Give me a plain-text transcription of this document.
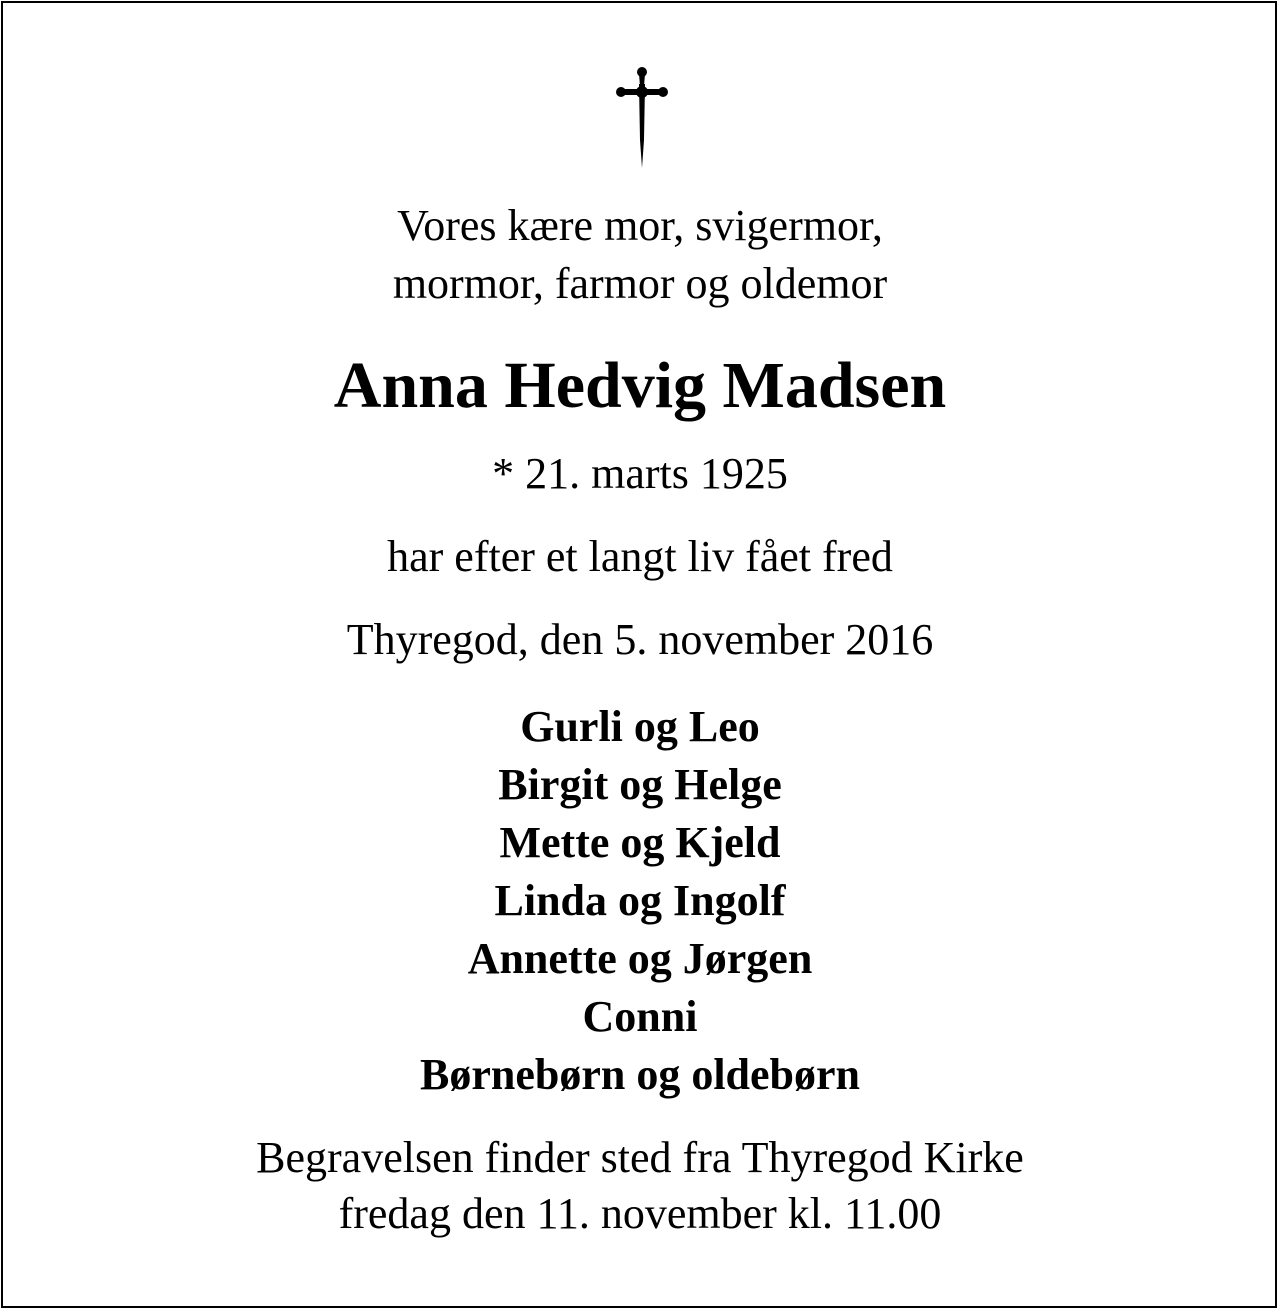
Vores kære mor, svigermor,
mormor, farmor og oldemor
Anna Hedvig Madsen
* 21. marts 1925
har efter et langt liv fået fred
Thyregod, den 5. november 2016
Gurli og Leo
Birgit og Helge
Mette og Kjeld
Linda og Ingolf
Annette og Jørgen
Conni
Børnebørn og oldebørn
Begravelsen finder sted fra Thyregod Kirke
fredag den 11. november kl. 11.00
